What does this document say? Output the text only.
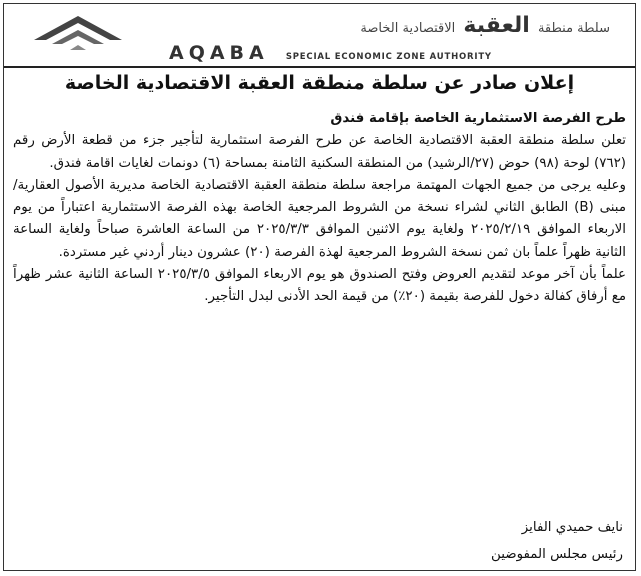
سلطة منطقة العقبة الاقتصادية الخاصة
AQABA SPECIAL ECONOMIC ZONE AUTHORITY
إعلان صادر عن سلطة منطقة العقبة الاقتصادية الخاصة

طرح الفرصة الاستثمارية الخاصة بإقامة فندق

تعلن سلطة منطقة العقبة الاقتصادية الخاصة عن طرح الفرصة استثمارية لتأجير جزء من قطعة الأرض رقم (٧٦٢) لوحة (٩٨) حوض (٢٧/الرشيد) من المنطقة السكنية الثامنة بمساحة (٦) دونمات لغايات اقامة فندق.

وعليه يرجى من جميع الجهات المهتمة مراجعة سلطة منطقة العقبة الاقتصادية الخاصة مديرية الأصول العقارية/ مبنى (B) الطابق الثاني لشراء نسخة من الشروط المرجعية الخاصة بهذه الفرصة الاستثمارية اعتباراً من يوم الاربعاء الموافق ٢٠٢٥/٢/١٩ ولغاية يوم الاثنين الموافق ٢٠٢٥/٣/٣ من الساعة العاشرة صباحاً ولغاية الساعة الثانية ظهراً علماً بان ثمن نسخة الشروط المرجعية لهذة الفرصة (٢٠) عشرون دينار أردني غير مستردة.

علماً بأن آخر موعد لتقديم العروض وفتح الصندوق هو يوم الاربعاء الموافق ٢٠٢٥/٣/٥ الساعة الثانية عشر ظهراً مع أرفاق كفالة دخول للفرصة بقيمة (٢٠٪) من قيمة الحد الأدنى لبدل التأجير.

نايف حميدي الفايز
رئيس مجلس المفوضين
